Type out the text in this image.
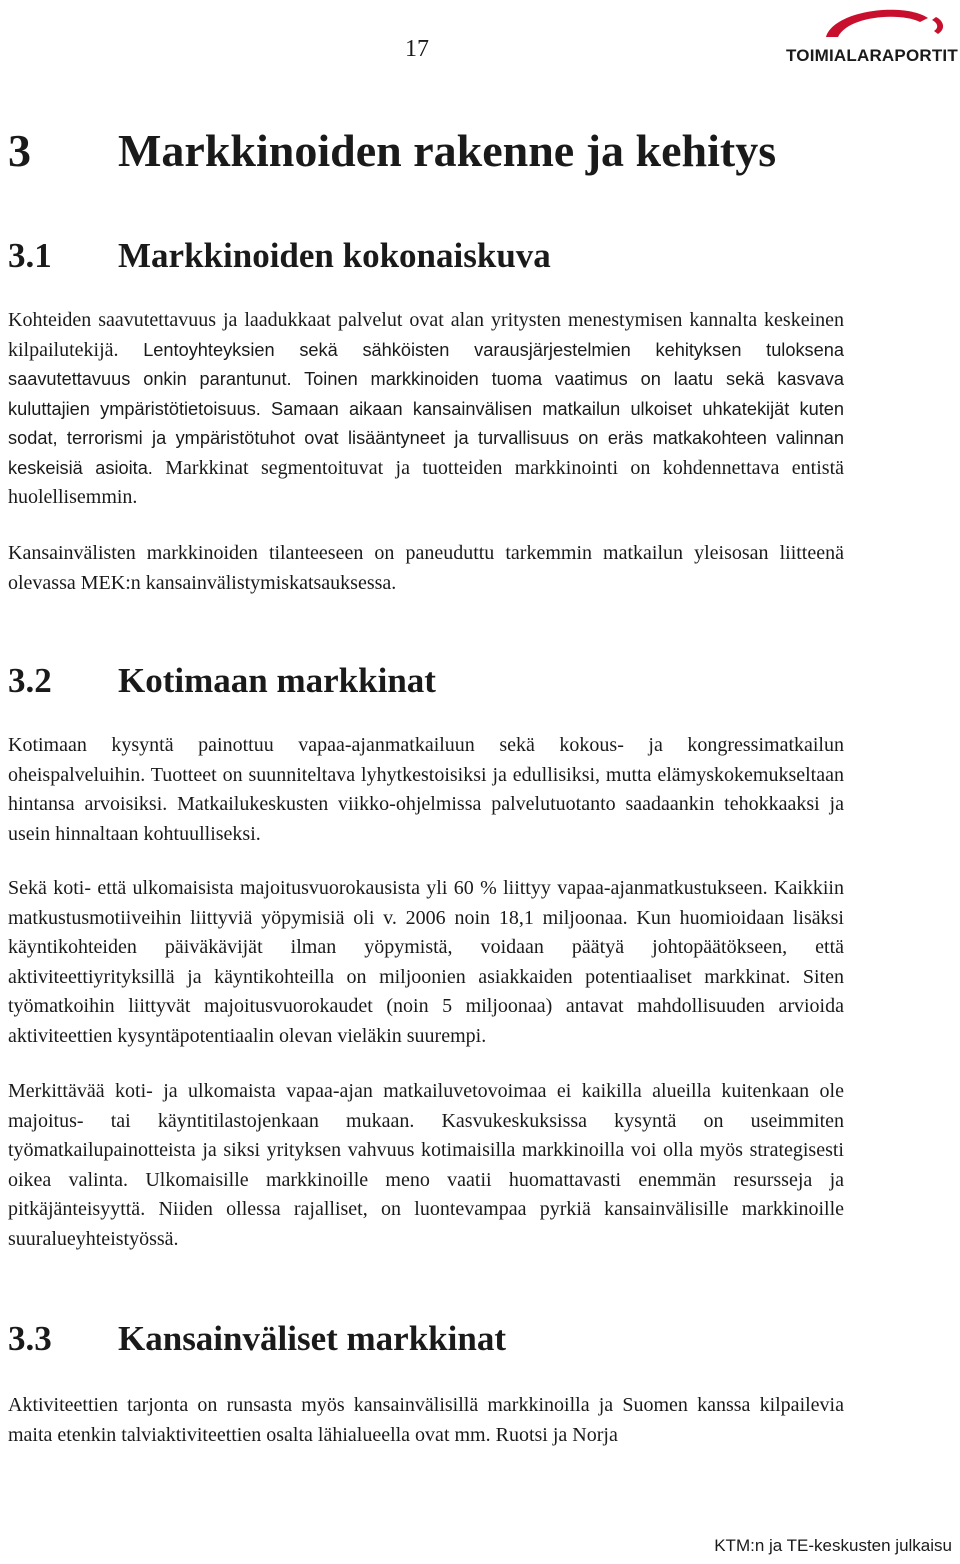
17	TOIMIALARAPORTIT
3	Markkinoiden rakenne ja kehitys
3.1	Markkinoiden kokonaiskuva

Kohteiden saavutettavuus ja laadukkaat palvelut ovat alan yritysten menestymisen kannalta keskeinen kilpailutekijä. Lentoyhteyksien sekä sähköisten varausjärjestelmien kehityksen tuloksena saavutettavuus onkin parantunut. Toinen markkinoiden tuoma vaatimus on laatu sekä kasvava kuluttajien ympäristötietoisuus. Samaan aikaan kansainvälisen matkailun ulkoiset uhkatekijät kuten sodat, terrorismi ja ympäristötuhot ovat lisääntyneet ja turvallisuus on eräs matkakohteen valinnan keskeisiä asioita. Markkinat segmentoituvat ja tuotteiden markkinointi on kohdennettava entistä huolellisemmin.

Kansainvälisten markkinoiden tilanteeseen on paneuduttu tarkemmin matkailun yleisosan liitteenä olevassa MEK:n kansainvälistymiskatsauksessa.

3.2	Kotimaan markkinat

Kotimaan kysyntä painottuu vapaa-ajanmatkailuun sekä kokous- ja kongressimatkailun oheispalveluihin. Tuotteet on suunniteltava lyhytkestoisiksi ja edullisiksi, mutta elämyskokemukseltaan hintansa arvoisiksi. Matkailukeskusten viikko-ohjelmissa palvelutuotanto saadaankin tehokkaaksi ja usein hinnaltaan kohtuulliseksi.

Sekä koti- että ulkomaisista majoitusvuorokausista yli 60 % liittyy vapaa-ajanmatkustukseen. Kaikkiin matkustusmotiiveihin liittyviä yöpymisiä oli v. 2006 noin 18,1 miljoonaa. Kun huomioidaan lisäksi käyntikohteiden päiväkävijät ilman yöpymistä, voidaan päätyä johtopäätökseen, että aktiviteettiyrityksillä ja käyntikohteilla on miljoonien asiakkaiden potentiaaliset markkinat. Siten työmatkoihin liittyvät majoitusvuorokaudet (noin 5 miljoonaa) antavat mahdollisuuden arvioida aktiviteettien kysyntäpotentiaalin olevan vieläkin suurempi.

Merkittävää koti- ja ulkomaista vapaa-ajan matkailuvetovoimaa ei kaikilla alueilla kuitenkaan ole majoitus- tai käyntitilastojenkaan mukaan. Kasvukeskuksissa kysyntä on useimmiten työmatkailupainotteista ja siksi yrityksen vahvuus kotimaisilla markkinoilla voi olla myös strategisesti oikea valinta. Ulkomaisille markkinoille meno vaatii huomattavasti enemmän resursseja ja pitkäjänteisyyttä. Niiden ollessa rajalliset, on luontevampaa pyrkiä kansainvälisille markkinoille suuralueyhteistyössä.

3.3	Kansainväliset markkinat

Aktiviteettien tarjonta on runsasta myös kansainvälisillä markkinoilla ja Suomen kanssa kilpailevia maita etenkin talviaktiviteettien osalta lähialueella ovat mm. Ruotsi ja Norja

KTM:n ja TE-keskusten julkaisu
